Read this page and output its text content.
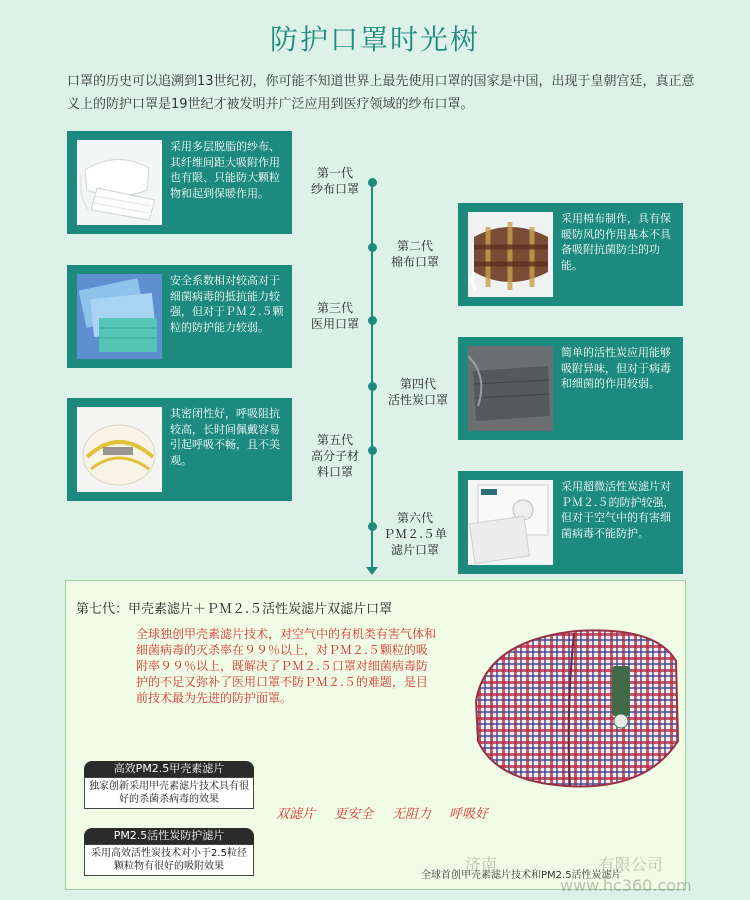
防护口罩时光树
口罩的历史可以追溯到13世纪初，你可能不知道世界上最先使用口罩的国家是中国，出现于皇朝宫廷，真正意义上的防护口罩是19世纪才被发明并广泛应用到医疗领域的纱布口罩。
第一代
纱布口罩
第二代
棉布口罩
第三代
医用口罩
第四代
活性炭口罩
第五代
高分子材
料口罩
第六代
ＰＭ２.５单
滤片口罩
采用多层脱脂的纱布、其纤维间距大吸附作用也有限、只能防大颗粒物和起到保暖作用。
采用棉布制作，具有保暖防风的作用基本不具备吸附抗菌防尘的功能。
安全系数相对较高对于细菌病毒的抵抗能力较强，但对于ＰＭ２.５颗粒的防护能力较弱。
简单的活性炭应用能够吸附异味，但对于病毒和细菌的作用较弱。
其密闭性好，呼吸阻抗较高，长时间佩戴容易引起呼吸不畅，且不美观。
采用超微活性炭滤片对ＰＭ２.５的防护较强，但对于空气中的有害细菌病毒不能防护。
第七代：甲壳素滤片＋ＰＭ２.５活性炭滤片双滤片口罩
全球独创甲壳素滤片技术，对空气中的有机类有害气体和细菌病毒的灭杀率在９９％以上，对ＰＭ２.５颗粒的吸附率９９％以上，既解决了ＰＭ２.５口罩对细菌病毒防护的不足又弥补了医用口罩不防ＰＭ２.５的难题，是目前技术最为先进的防护面罩。
高效PM2.5甲壳素滤片
独家创新采用甲壳素滤片技术具有很好的杀菌杀病毒的效果
PM2.5活性炭防护滤片
采用高效活性炭技术对小于2.5粒径颗粒物有很好的吸附效果
双滤片 更安全 无阻力 呼吸好
全球首创甲壳素滤片技术和PM2.5活性炭滤片
济南                    有限公司
www.hc360.com
